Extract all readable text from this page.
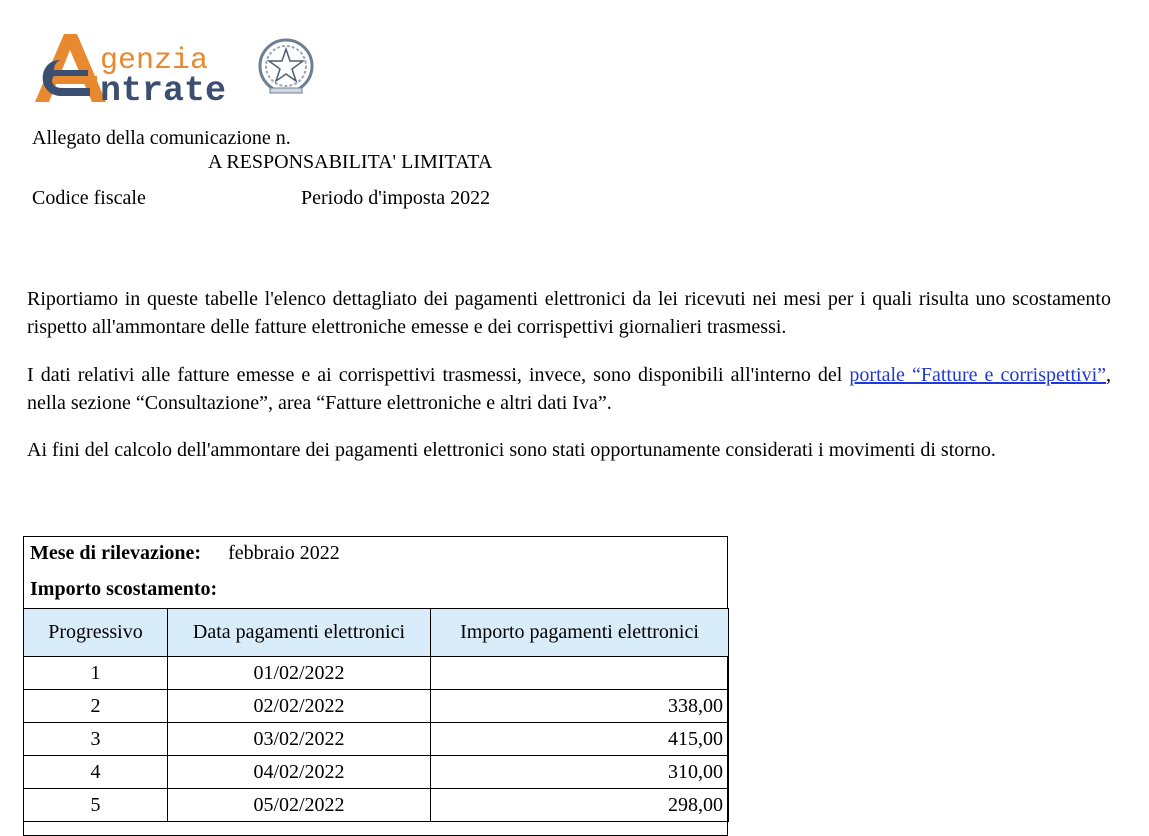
genzia
ntrate
Allegato della comunicazione n.
A RESPONSABILITA' LIMITATA
Codice fiscale	Periodo d'imposta 2022

Riportiamo in queste tabelle l'elenco dettagliato dei pagamenti elettronici da lei ricevuti nei mesi per i quali risulta uno scostamento rispetto all'ammontare delle fatture elettroniche emesse e dei corrispettivi giornalieri trasmessi.

I dati relativi alle fatture emesse e ai corrispettivi trasmessi, invece, sono disponibili all'interno del portale “Fatture e corrispettivi”, nella sezione “Consultazione”, area “Fatture elettroniche e altri dati Iva”.

Ai fini del calcolo dell'ammontare dei pagamenti elettronici sono stati opportunamente considerati i movimenti di storno.

Mese di rilevazione: febbraio 2022
Importo scostamento:
Progressivo	Data pagamenti elettronici	Importo pagamenti elettronici
1	01/02/2022	
2	02/02/2022	338,00
3	03/02/2022	415,00
4	04/02/2022	310,00
5	05/02/2022	298,00
